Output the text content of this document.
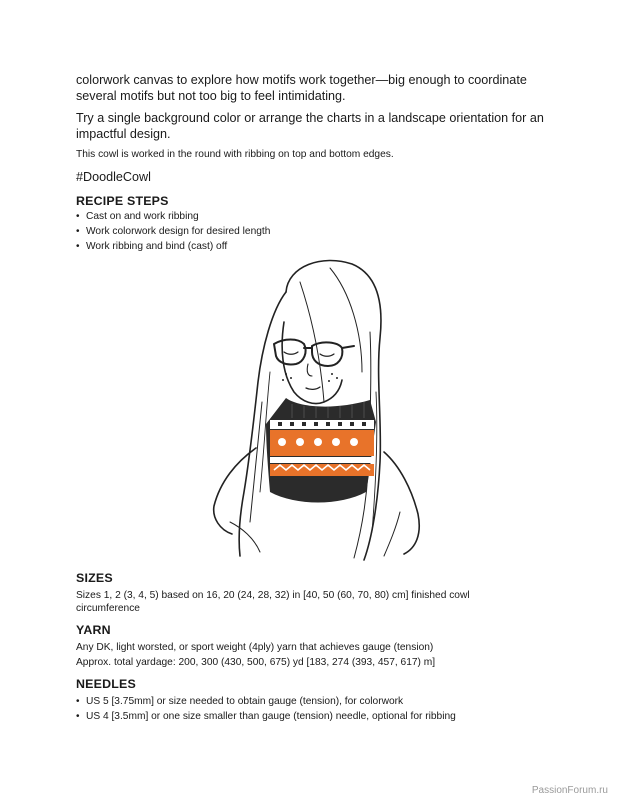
colorwork canvas to explore how motifs work together—big enough to coordinate several motifs but not too big to feel intimidating.

Try a single background color or arrange the charts in a landscape orientation for an impactful design.

This cowl is worked in the round with ribbing on top and bottom edges.

#DoodleCowl

RECIPE STEPS

• Cast on and work ribbing
• Work colorwork design for desired length
• Work ribbing and bind (cast) off

SIZES

Sizes 1, 2 (3, 4, 5) based on 16, 20 (24, 28, 32) in [40, 50 (60, 70, 80) cm] finished cowl circumference

YARN

Any DK, light worsted, or sport weight (4ply) yarn that achieves gauge (tension)

Approx. total yardage: 200, 300 (430, 500, 675) yd [183, 274 (393, 457, 617) m]

NEEDLES

• US 5 [3.75mm] or size needed to obtain gauge (tension), for colorwork
• US 4 [3.5mm] or one size smaller than gauge (tension) needle, optional for ribbing
PassionForum.ru
